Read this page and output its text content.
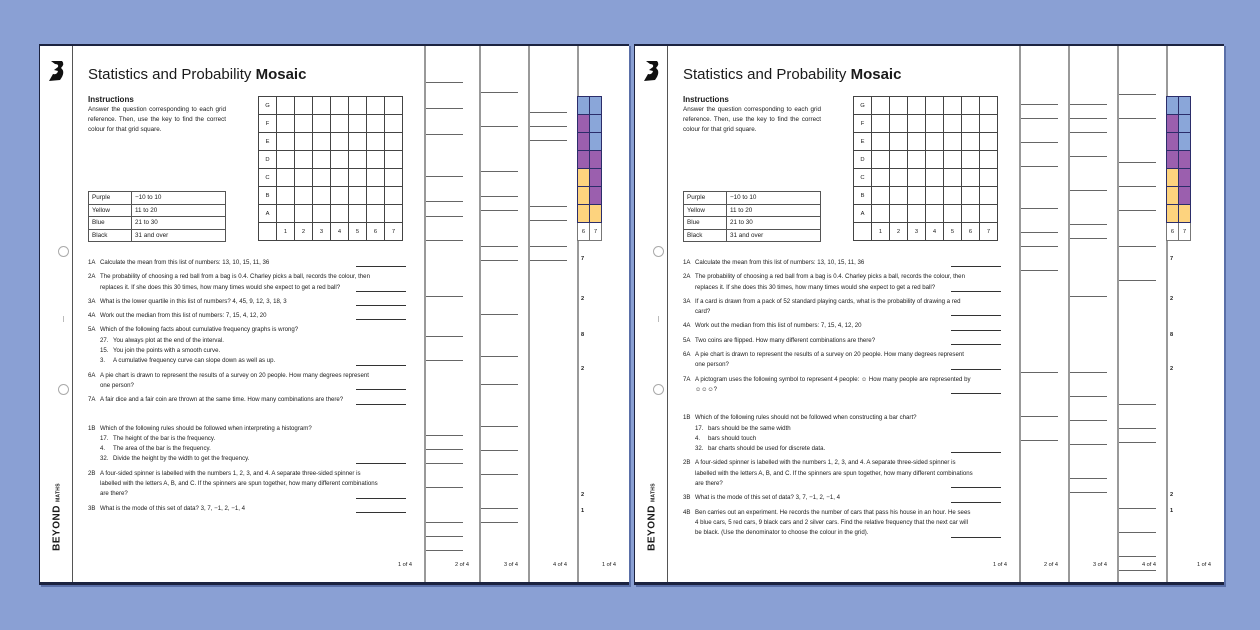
BEYONDMATHS
Statistics and Probability Mosaic
Instructions
Answer the question corresponding to each grid reference. Then, use the key to find the correct colour for that grid square.
Purple	−10 to 10
Yellow	11 to 20
Blue	21 to 30
Black	31 and over
G							
F							
E							
D							
C							
B							
A							
	1	2	3	4	5	6	7
1A Calculate the mean from this list of numbers: 13, 10, 15, 11, 36
2A The probability of choosing a red ball from a bag is 0.4. Charley picks a ball, records the colour, then replaces it. If she does this 30 times, how many times would she expect to get a red ball?
3A What is the lower quartile in this list of numbers? 4, 45, 9, 12, 3, 18, 3
4A Work out the median from this list of numbers: 7, 15, 4, 12, 20
5A Which of the following facts about cumulative frequency graphs is wrong?
27. You always plot at the end of the interval.
15. You join the points with a smooth curve.
3. A cumulative frequency curve can slope down as well as up.
6A A pie chart is drawn to represent the results of a survey on 20 people. How many degrees represent one person?
7A A fair dice and a fair coin are thrown at the same time. How many combinations are there?
1B Which of the following rules should be followed when interpreting a histogram?
17. The height of the bar is the frequency.
4. The area of the bar is the frequency.
32. Divide the height by the width to get the frequency.
2B A four-sided spinner is labelled with the numbers 1, 2, 3, and 4. A separate three-sided spinner is labelled with the letters A, B, and C. If the spinners are spun together, how many different combinations are there?
3B What is the mode of this set of data? 3, 7, −1, 2, −1, 4
1 of 4	2 of 4	3 of 4	4 of 4

6	7
7
2
8
2
2
1
1 of 4
BEYONDMATHS
Statistics and Probability Mosaic
Instructions
Answer the question corresponding to each grid reference. Then, use the key to find the correct colour for that grid square.
Purple	−10 to 10
Yellow	11 to 20
Blue	21 to 30
Black	31 and over
G							
F							
E							
D							
C							
B							
A							
	1	2	3	4	5	6	7
1A Calculate the mean from this list of numbers: 13, 10, 15, 11, 36
2A The probability of choosing a red ball from a bag is 0.4. Charley picks a ball, records the colour, then replaces it. If she does this 30 times, how many times would she expect to get a red ball?
3A If a card is drawn from a pack of 52 standard playing cards, what is the probability of drawing a red card?
4A Work out the median from this list of numbers: 7, 15, 4, 12, 20
5A Two coins are flipped. How many different combinations are there?
6A A pie chart is drawn to represent the results of a survey on 20 people. How many degrees represent one person?
7A A pictogram uses the following symbol to represent 4 people: ☺ How many people are represented by ☺☺☺?
1B Which of the following rules should not be followed when constructing a bar chart?
17. bars should be the same width
4. bars should touch
32. bar charts should be used for discrete data.
2B A four-sided spinner is labelled with the numbers 1, 2, 3, and 4. A separate three-sided spinner is labelled with the letters A, B, and C. If the spinners are spun together, how many different combinations are there?
3B What is the mode of this set of data? 3, 7, −1, 2, −1, 4
4B Ben carries out an experiment. He records the number of cars that pass his house in an hour. He sees 4 blue cars, 5 red cars, 9 black cars and 2 silver cars. Find the relative frequency that the next car will be black. (Use the denominator to choose the colour in the grid).
1 of 4	2 of 4	3 of 4	4 of 4

6	7
7
2
8
2
2
1
1 of 4
